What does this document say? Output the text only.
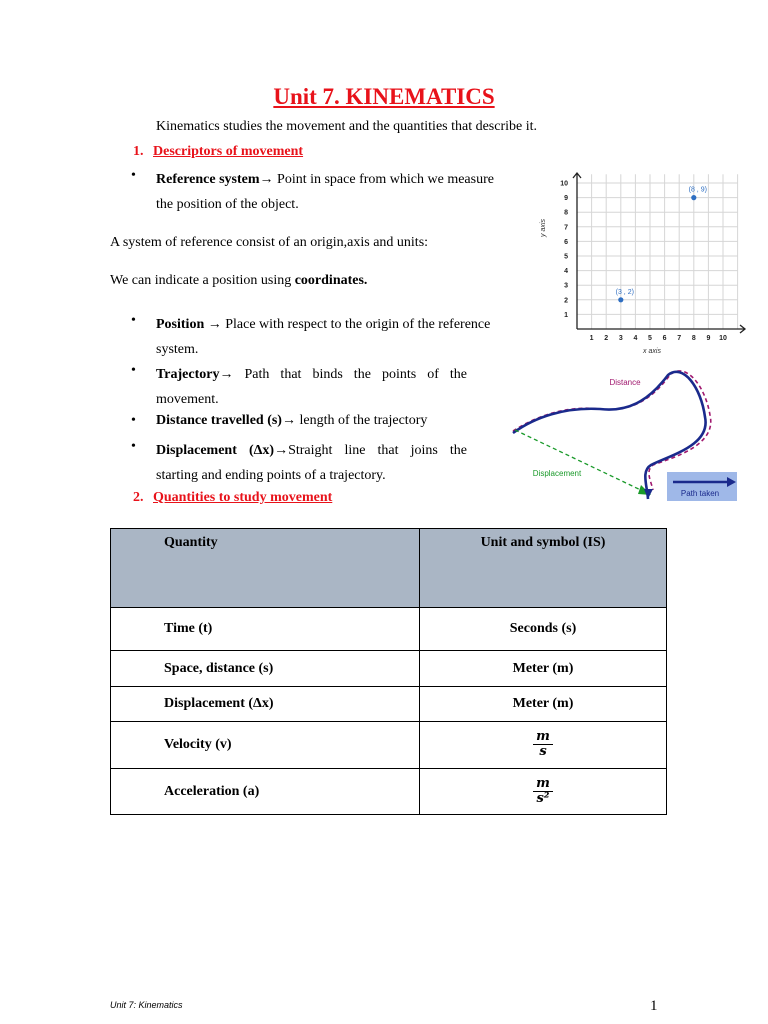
Unit 7. KINEMATICS
Kinematics studies the movement and the quantities that describe it.
1. Descriptors of movement
• Reference system→ Point in space from which we measure
the position of the object.
A system of reference consist of an origin,axis and units:
We can indicate a position using coordinates.
• Position → Place with respect to the origin of the reference
system.
• Trajectory→ Path that binds the points of the
movement.
• Distance travelled (s)→ length of the trajectory
• Displacement (Δx)→Straight line that joins the
starting and ending points of a trajectory.
2. Quantities to study movement
1 2 3 4 5 6 7 8 9 10
1
2
3
4
5
6
7
8
9
10
x axis
y axis
(3 , 2)
(8 , 9)
Distance
Displacement
Path taken
Quantity	Unit and symbol (IS)
Time (t)	Seconds (s)
Space, distance (s)	Meter (m)
Displacement (Δx)	Meter (m)
Velocity (v)	$\frac{m}{s}$

Acceleration (a)	$\frac{m}{\text{s²}}$
Unit 7: Kinematics	1
